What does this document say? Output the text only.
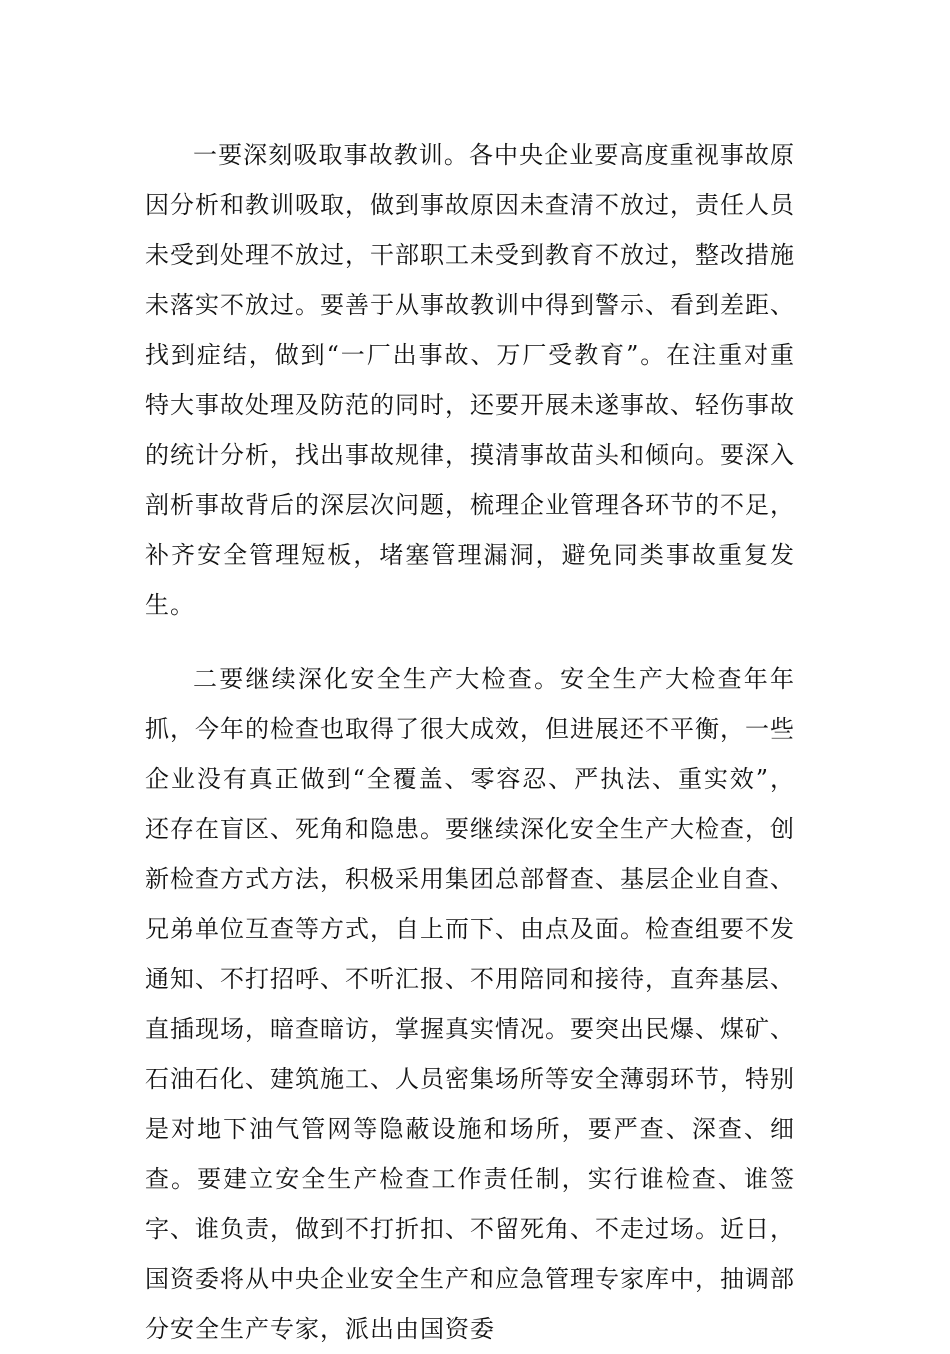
一要深刻吸取事故教训。各中央企业要高度重视事故原因分析和教训吸取，做到事故原因未查清不放过，责任人员未受到处理不放过，干部职工未受到教育不放过，整改措施未落实不放过。要善于从事故教训中得到警示、看到差距、找到症结，做到“一厂出事故、万厂受教育”。在注重对重特大事故处理及防范的同时，还要开展未遂事故、轻伤事故的统计分析，找出事故规律，摸清事故苗头和倾向。要深入剖析事故背后的深层次问题，梳理企业管理各环节的不足，补齐安全管理短板，堵塞管理漏洞，避免同类事故重复发生。

二要继续深化安全生产大检查。安全生产大检查年年抓，今年的检查也取得了很大成效，但进展还不平衡，一些企业没有真正做到“全覆盖、零容忍、严执法、重实效”，还存在盲区、死角和隐患。要继续深化安全生产大检查，创新检查方式方法，积极采用集团总部督查、基层企业自查、兄弟单位互查等方式，自上而下、由点及面。检查组要不发通知、不打招呼、不听汇报、不用陪同和接待，直奔基层、直插现场，暗查暗访，掌握真实情况。要突出民爆、煤矿、石油石化、建筑施工、人员密集场所等安全薄弱环节，特别是对地下油气管网等隐蔽设施和场所，要严查、深查、细查。要建立安全生产检查工作责任制，实行谁检查、谁签字、谁负责，做到不打折扣、不留死角、不走过场。近日，国资委将从中央企业安全生产和应急管理专家库中，抽调部分安全生产专家，派出由国资委
